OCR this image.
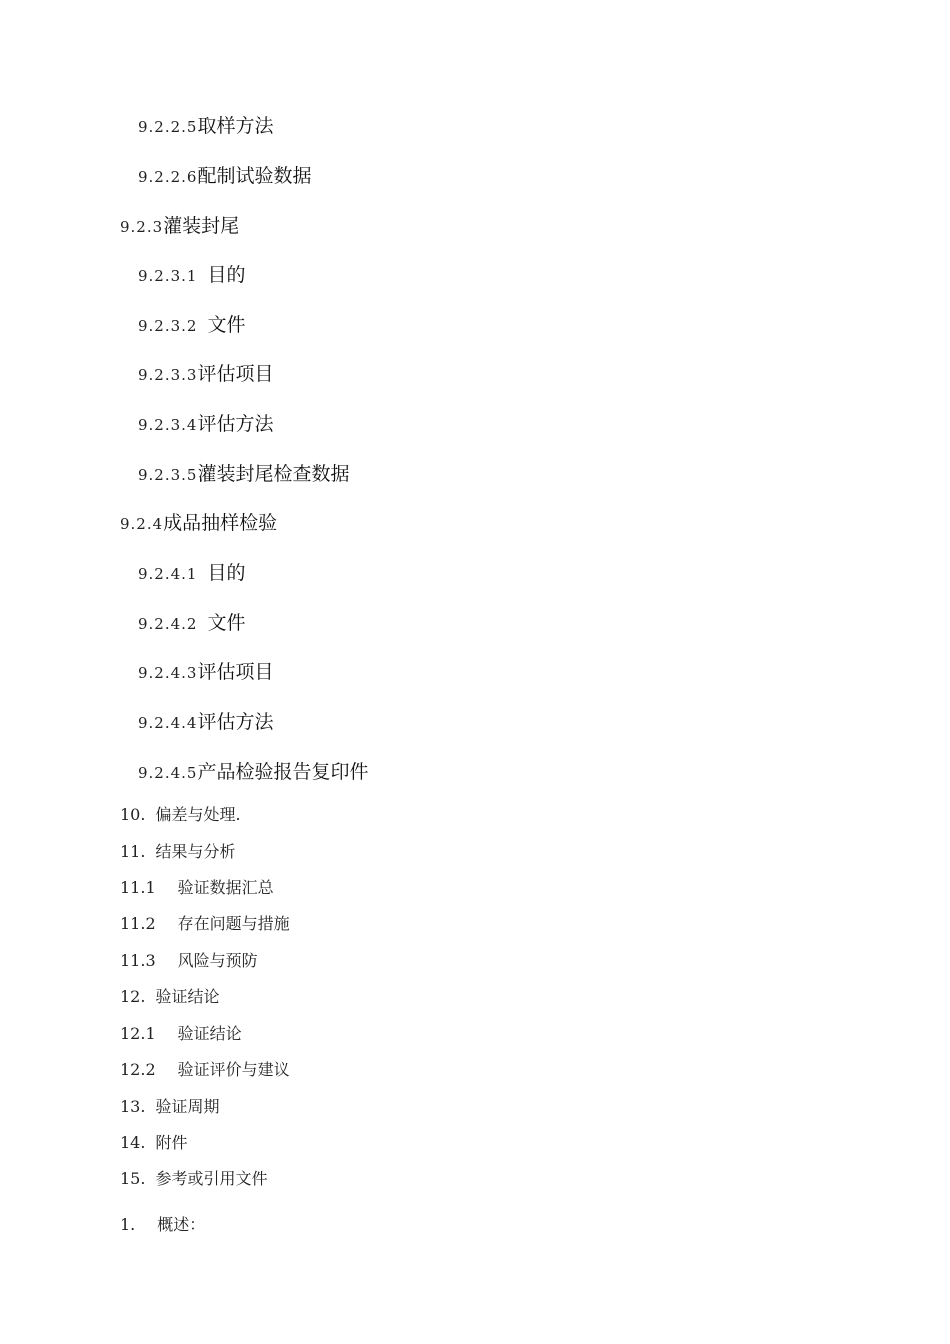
9.2.2.5取样方法
9.2.2.6配制试验数据
9.2.3灌装封尾
9.2.3.1 目的
9.2.3.2 文件
9.2.3.3评估项目
9.2.3.4评估方法
9.2.3.5灌装封尾检查数据
9.2.4成品抽样检验
9.2.4.1 目的
9.2.4.2 文件
9.2.4.3评估项目
9.2.4.4评估方法
9.2.4.5产品检验报告复印件
10. 偏差与处理.
11. 结果与分析
11.1 验证数据汇总
11.2 存在问题与措施
11.3 风险与预防
12. 验证结论
12.1 验证结论
12.2 验证评价与建议
13. 验证周期
14. 附件
15. 参考或引用文件
1. 概述：
